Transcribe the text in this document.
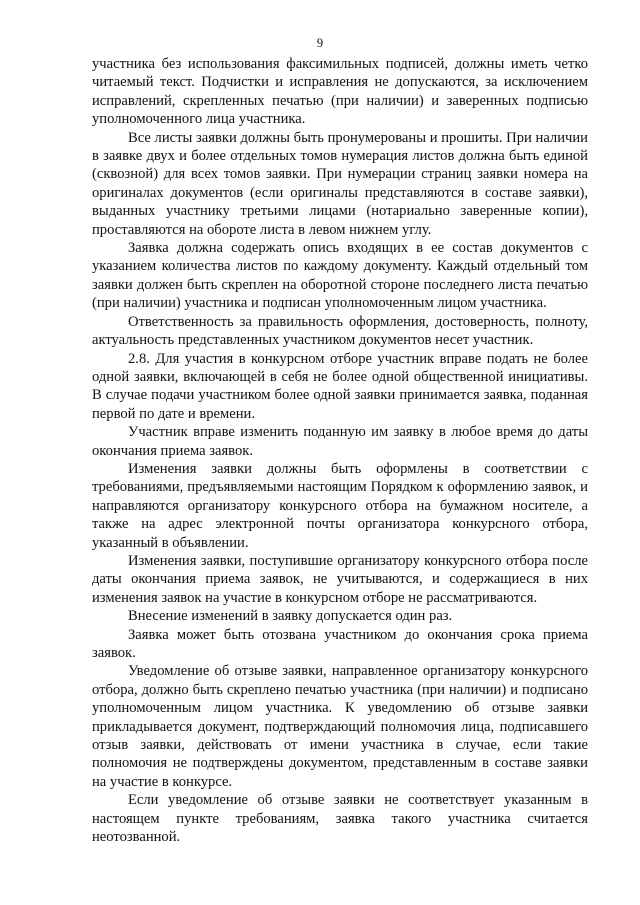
9

участника без использования факсимильных подписей, должны иметь четко читаемый текст. Подчистки и исправления не допускаются, за исключением исправлений, скрепленных печатью (при наличии) и заверенных подписью уполномоченного лица участника.

Все листы заявки должны быть пронумерованы и прошиты. При наличии в заявке двух и более отдельных томов нумерация листов должна быть единой (сквозной) для всех томов заявки. При нумерации страниц заявки номера на оригиналах документов (если оригиналы представляются в составе заявки), выданных участнику третьими лицами (нотариально заверенные копии), проставляются на обороте листа в левом нижнем углу.

Заявка должна содержать опись входящих в ее состав документов с указанием количества листов по каждому документу. Каждый отдельный том заявки должен быть скреплен на оборотной стороне последнего листа печатью (при наличии) участника и подписан уполномоченным лицом участника.

Ответственность за правильность оформления, достоверность, полноту, актуальность представленных участником документов несет участник.

2.8. Для участия в конкурсном отборе участник вправе подать не более одной заявки, включающей в себя не более одной общественной инициативы. В случае подачи участником более одной заявки принимается заявка, поданная первой по дате и времени.

Участник вправе изменить поданную им заявку в любое время до даты окончания приема заявок.

Изменения заявки должны быть оформлены в соответствии с требованиями, предъявляемыми настоящим Порядком к оформлению заявок, и направляются организатору конкурсного отбора на бумажном носителе, а также на адрес электронной почты организатора конкурсного отбора, указанный в объявлении.

Изменения заявки, поступившие организатору конкурсного отбора после даты окончания приема заявок, не учитываются, и содержащиеся в них изменения заявок на участие в конкурсном отборе не рассматриваются.

Внесение изменений в заявку допускается один раз.

Заявка может быть отозвана участником до окончания срока приема заявок.

Уведомление об отзыве заявки, направленное организатору конкурсного отбора, должно быть скреплено печатью участника (при наличии) и подписано уполномоченным лицом участника. К уведомлению об отзыве заявки прикладывается документ, подтверждающий полномочия лица, подписавшего отзыв заявки, действовать от имени участника в случае, если такие полномочия не подтверждены документом, представленным в составе заявки на участие в конкурсе.

Если уведомление об отзыве заявки не соответствует указанным в настоящем пункте требованиям, заявка такого участника считается неотозванной.
